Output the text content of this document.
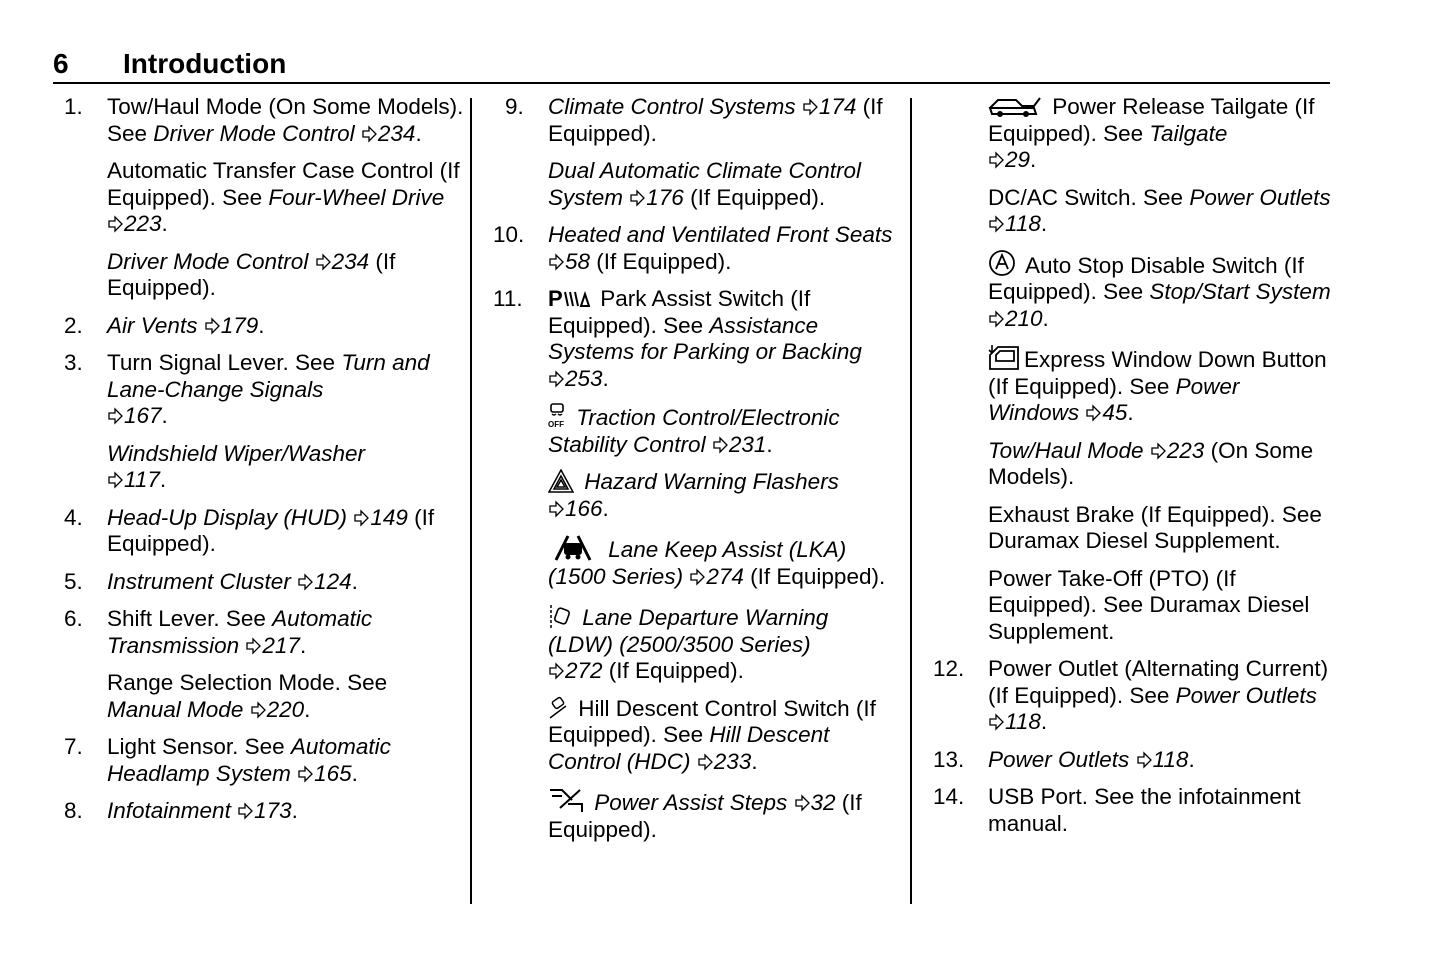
6 Introduction
1. Tow/Haul Mode (On Some Models). See Driver Mode Control 234.
Automatic Transfer Case Control (If Equipped). See Four-Wheel Drive 223.
Driver Mode Control 234 (If Equipped).
2. Air Vents 179.
3. Turn Signal Lever. See Turn and Lane-Change Signals
167.
Windshield Wiper/Washer
117.
4. Head-Up Display (HUD) 149 (If Equipped).
5. Instrument Cluster 124.
6. Shift Lever. See Automatic Transmission 217.
Range Selection Mode. See Manual Mode 220.
7. Light Sensor. See Automatic Headlamp System 165.
8. Infotainment 173.
9. Climate Control Systems 174 (If Equipped).
Dual Automatic Climate Control System 176 (If Equipped).
10. Heated and Ventilated Front Seats 58 (If Equipped).
11. P Park Assist Switch (If Equipped). See Assistance Systems for Parking or Backing
253.
OFF Traction Control/Electronic Stability Control 231.
Hazard Warning Flashers
166.
Lane Keep Assist (LKA) (1500 Series) 274 (If Equipped).
Lane Departure Warning (LDW) (2500/3500 Series)
272 (If Equipped).
Hill Descent Control Switch (If Equipped). See Hill Descent Control (HDC) 233.
Power Assist Steps 32 (If Equipped).
Power Release Tailgate (If Equipped). See Tailgate
29.
DC/AC Switch. See Power Outlets 118.
Auto Stop Disable Switch (If Equipped). See Stop/Start System 210.
Express Window Down Button (If Equipped). See Power Windows 45.
Tow/Haul Mode 223 (On Some Models).
Exhaust Brake (If Equipped). See Duramax Diesel Supplement.
Power Take-Off (PTO) (If Equipped). See Duramax Diesel Supplement.
12. Power Outlet (Alternating Current) (If Equipped). See Power Outlets 118.
13. Power Outlets 118.
14. USB Port. See the infotainment manual.
